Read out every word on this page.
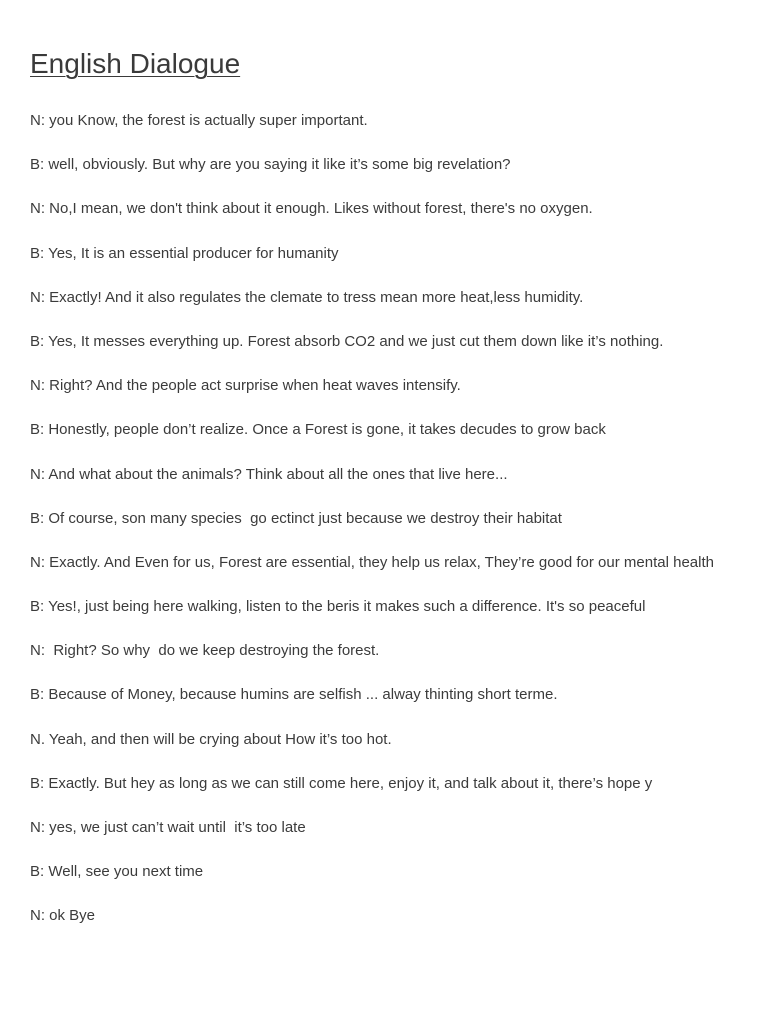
English Dialogue

N: you Know, the forest is actually super important.

B: well, obviously. But why are you saying it like it’s some big revelation?

N: No,I mean, we don't think about it enough. Likes without forest, there's no oxygen.

B: Yes, It is an essential producer for humanity

N: Exactly! And it also regulates the clemate to tress mean more heat,less humidity.

B: Yes, It messes everything up. Forest absorb CO2 and we just cut them down like it’s nothing.

N: Right? And the people act surprise when heat waves intensify.

B: Honestly, people don’t realize. Once a Forest is gone, it takes decudes to grow back

N: And what about the animals? Think about all the ones that live here...

B: Of course, son many species  go ectinct just because we destroy their habitat

N: Exactly. And Even for us, Forest are essential, they help us relax, They’re good for our mental health

B: Yes!, just being here walking, listen to the beris it makes such a difference. It's so peaceful

N:  Right? So why  do we keep destroying the forest.

B: Because of Money, because humins are selfish ... alway thinting short terme.

N. Yeah, and then will be crying about How it’s too hot.

B: Exactly. But hey as long as we can still come here, enjoy it, and talk about it, there’s hope y

N: yes, we just can’t wait until  it’s too late

B: Well, see you next time

N: ok Bye
